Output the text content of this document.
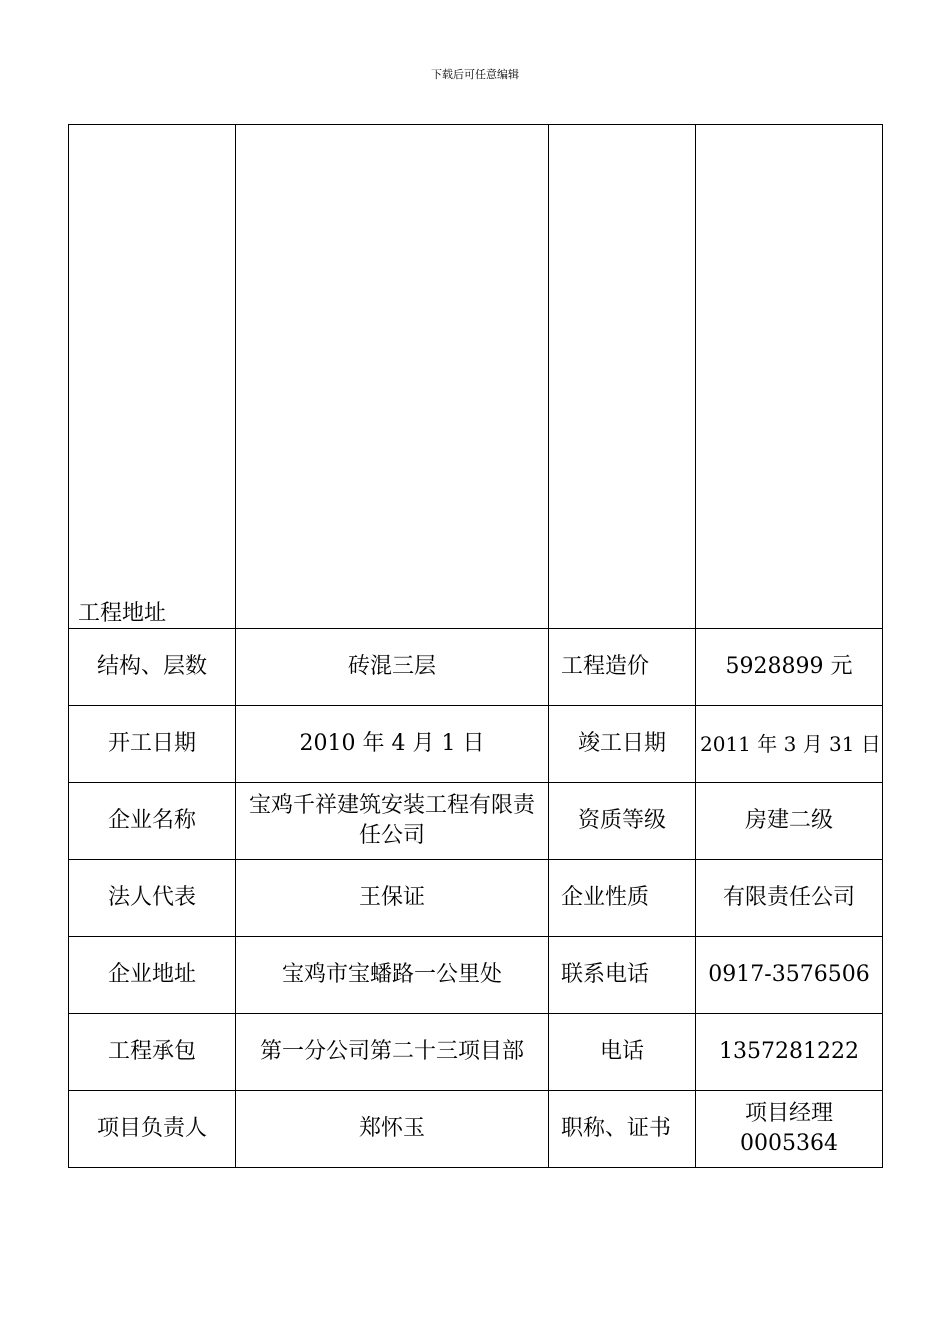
下载后可任意编辑
工程地址			
结构、层数	砖混三层	工程造价	5928899 元
开工日期	2010 年 4 月 1 日	竣工日期	2011 年 3 月 31 日
企业名称	宝鸡千祥建筑安装工程有限责任公司	资质等级	房建二级
法人代表	王保证	企业性质	有限责任公司
企业地址	宝鸡市宝蟠路一公里处	联系电话	0917-3576506
工程承包	第一分公司第二十三项目部	电话	1357281222
项目负责人	郑怀玉	职称、证书	项目经理 0005364
